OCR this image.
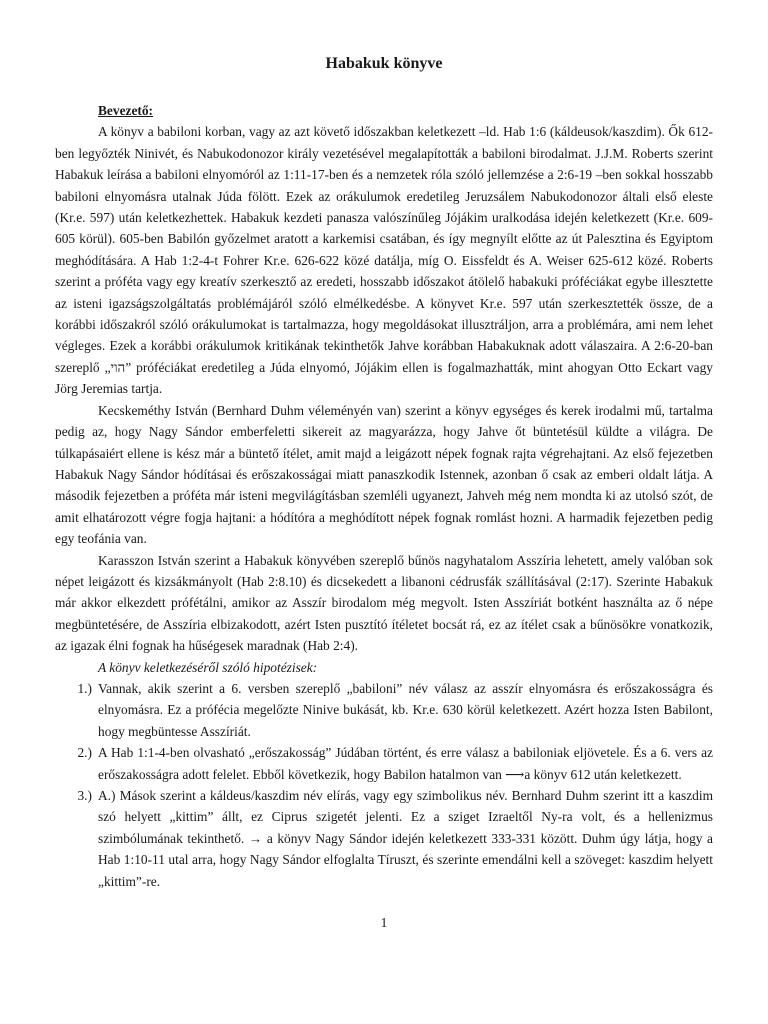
Habakuk könyve
Bevezető:

A könyv a babiloni korban, vagy az azt követő időszakban keletkezett –ld. Hab 1:6 (káldeusok/kaszdim). Ők 612-ben legyőzték Ninivét, és Nabukodonozor király vezetésével megalapították a babiloni birodalmat. J.J.M. Roberts szerint Habakuk leírása a babiloni elnyomóról az 1:11-17-ben és a nemzetek róla szóló jellemzése a 2:6-19 –ben sokkal hosszabb babiloni elnyomásra utalnak Júda fölött. Ezek az orákulumok eredetileg Jeruzsálem Nabukodonozor általi első eleste (Kr.e. 597) után keletkezhettek. Habakuk kezdeti panasza valószínűleg Jójákim uralkodása idején keletkezett (Kr.e. 609-605 körül). 605-ben Babilón győzelmet aratott a karkemisi csatában, és így megnyílt előtte az út Palesztina és Egyiptom meghódítására. A Hab 1:2-4-t Fohrer Kr.e. 626-622 közé datálja, míg O. Eissfeldt és A. Weiser 625-612 közé. Roberts szerint a próféta vagy egy kreatív szerkesztő az eredeti, hosszabb időszakot átölelő habakuki próféciákat egybe illesztette az isteni igazságszolgáltatás problémájáról szóló elmélkedésbe. A könyvet Kr.e. 597 után szerkesztették össze, de a korábbi időszakról szóló orákulumokat is tartalmazza, hogy megoldásokat illusztráljon, arra a problémára, ami nem lehet végleges. Ezek a korábbi orákulumok kritikának tekinthetők Jahve korábban Habakuknak adott válaszaira. A 2:6-20-ban szereplő „הוי” próféciákat eredetileg a Júda elnyomó, Jójákim ellen is fogalmazhatták, mint ahogyan Otto Eckart vagy Jörg Jeremias tartja.

Kecskeméthy István (Bernhard Duhm véleményén van) szerint a könyv egységes és kerek irodalmi mű, tartalma pedig az, hogy Nagy Sándor emberfeletti sikereit az magyarázza, hogy Jahve őt büntetésül küldte a világra. De túlkapásaiért ellene is kész már a büntető ítélet, amit majd a leigázott népek fognak rajta végrehajtani. Az első fejezetben Habakuk Nagy Sándor hódításai és erőszakosságai miatt panaszkodik Istennek, azonban ő csak az emberi oldalt látja. A második fejezetben a próféta már isteni megvilágításban szemléli ugyanezt, Jahveh még nem mondta ki az utolsó szót, de amit elhatározott végre fogja hajtani: a hódítóra a meghódított népek fognak romlást hozni. A harmadik fejezetben pedig egy teofánia van.

Karasszon István szerint a Habakuk könyvében szereplő bűnös nagyhatalom Asszíria lehetett, amely valóban sok népet leigázott és kizsákmányolt (Hab 2:8.10) és dicsekedett a libanoni cédrusfák szállításával (2:17). Szerinte Habakuk már akkor elkezdett prófétálni, amikor az Asszír birodalom még megvolt. Isten Asszíriát botként használta az ő népe megbüntetésére, de Asszíria elbizakodott, azért Isten pusztító ítéletet bocsát rá, ez az ítélet csak a bűnösökre vonatkozik, az igazak élni fognak ha hűségesek maradnak (Hab 2:4).

A könyv keletkezéséről szóló hipotézisek:
1.) Vannak, akik szerint a 6. versben szereplő „babiloni” név válasz az asszír elnyomásra és erőszakosságra és elnyomásra. Ez a prófécia megelőzte Ninive bukását, kb. Kr.e. 630 körül keletkezett. Azért hozza Isten Babilont, hogy megbüntesse Asszíriát.
2.) A Hab 1:1-4-ben olvasható „erőszakosság” Júdában történt, és erre válasz a babiloniak eljövetele. És a 6. vers az erőszakosságra adott felelet. Ebből következik, hogy Babilon hatalmon van ⟶a könyv 612 után keletkezett.
3.) A.) Mások szerint a káldeus/kaszdim név elírás, vagy egy szimbolikus név. Bernhard Duhm szerint itt a kaszdim szó helyett „kittim” állt, ez Ciprus szigetét jelenti. Ez a sziget Izraeltől Ny-ra volt, és a hellenizmus szimbólumának tekinthető. → a könyv Nagy Sándor idején keletkezett 333-331 között. Duhm úgy látja, hogy a Hab 1:10-11 utal arra, hogy Nagy Sándor elfoglalta Tíruszt, és szerinte emendálni kell a szöveget: kaszdim helyett „kittim”-re.
1
